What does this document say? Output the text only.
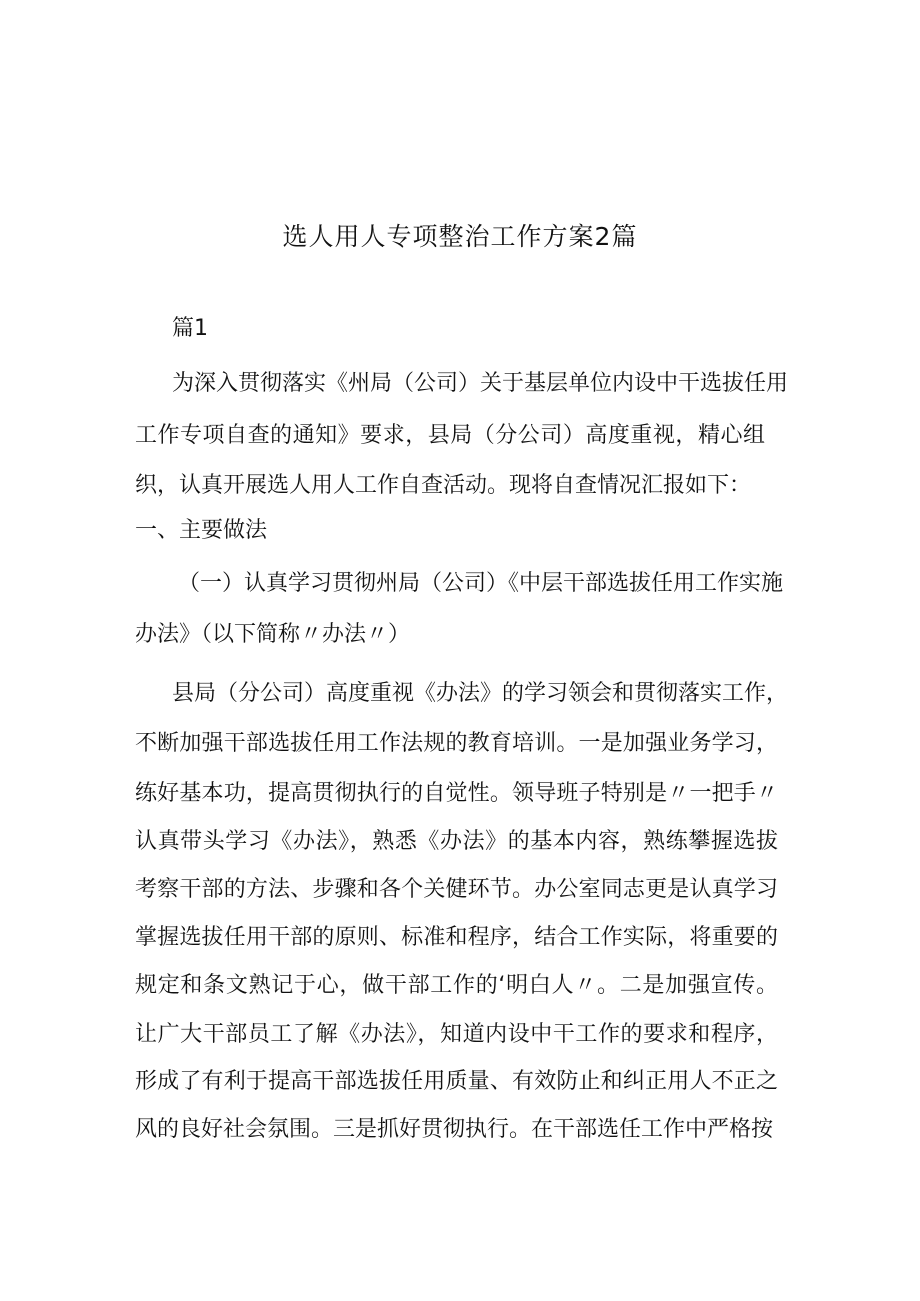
选人用人专项整治工作方案2篇
篇1
为深入贯彻落实《州局（公司）关于基层单位内设中干选拔任用
工作专项自查的通知》要求，县局（分公司）高度重视，精心组
织，认真开展选人用人工作自查活动。现将自查情况汇报如下：
一、主要做法
（一）认真学习贯彻州局（公司）《中层干部选拔任用工作实施
办法》（以下简称〃办法〃）
县局（分公司）高度重视《办法》的学习领会和贯彻落实工作，
不断加强干部选拔任用工作法规的教育培训。一是加强业务学习，
练好基本功，提高贯彻执行的自觉性。领导班子特别是〃一把手〃
认真带头学习《办法》，熟悉《办法》的基本内容，熟练攀握选拔
考察干部的方法、步骤和各个关健环节。办公室同志更是认真学习
掌握选拔任用干部的原则、标准和程序，结合工作实际，将重要的
规定和条文熟记于心，做干部工作的‘明白人〃。二是加强宣传。
让广大干部员工了解《办法》，知道内设中干工作的要求和程序，
形成了有利于提高干部选拔任用质量、有效防止和纠正用人不正之
风的良好社会氛围。三是抓好贯彻执行。在干部选任工作中严格按
